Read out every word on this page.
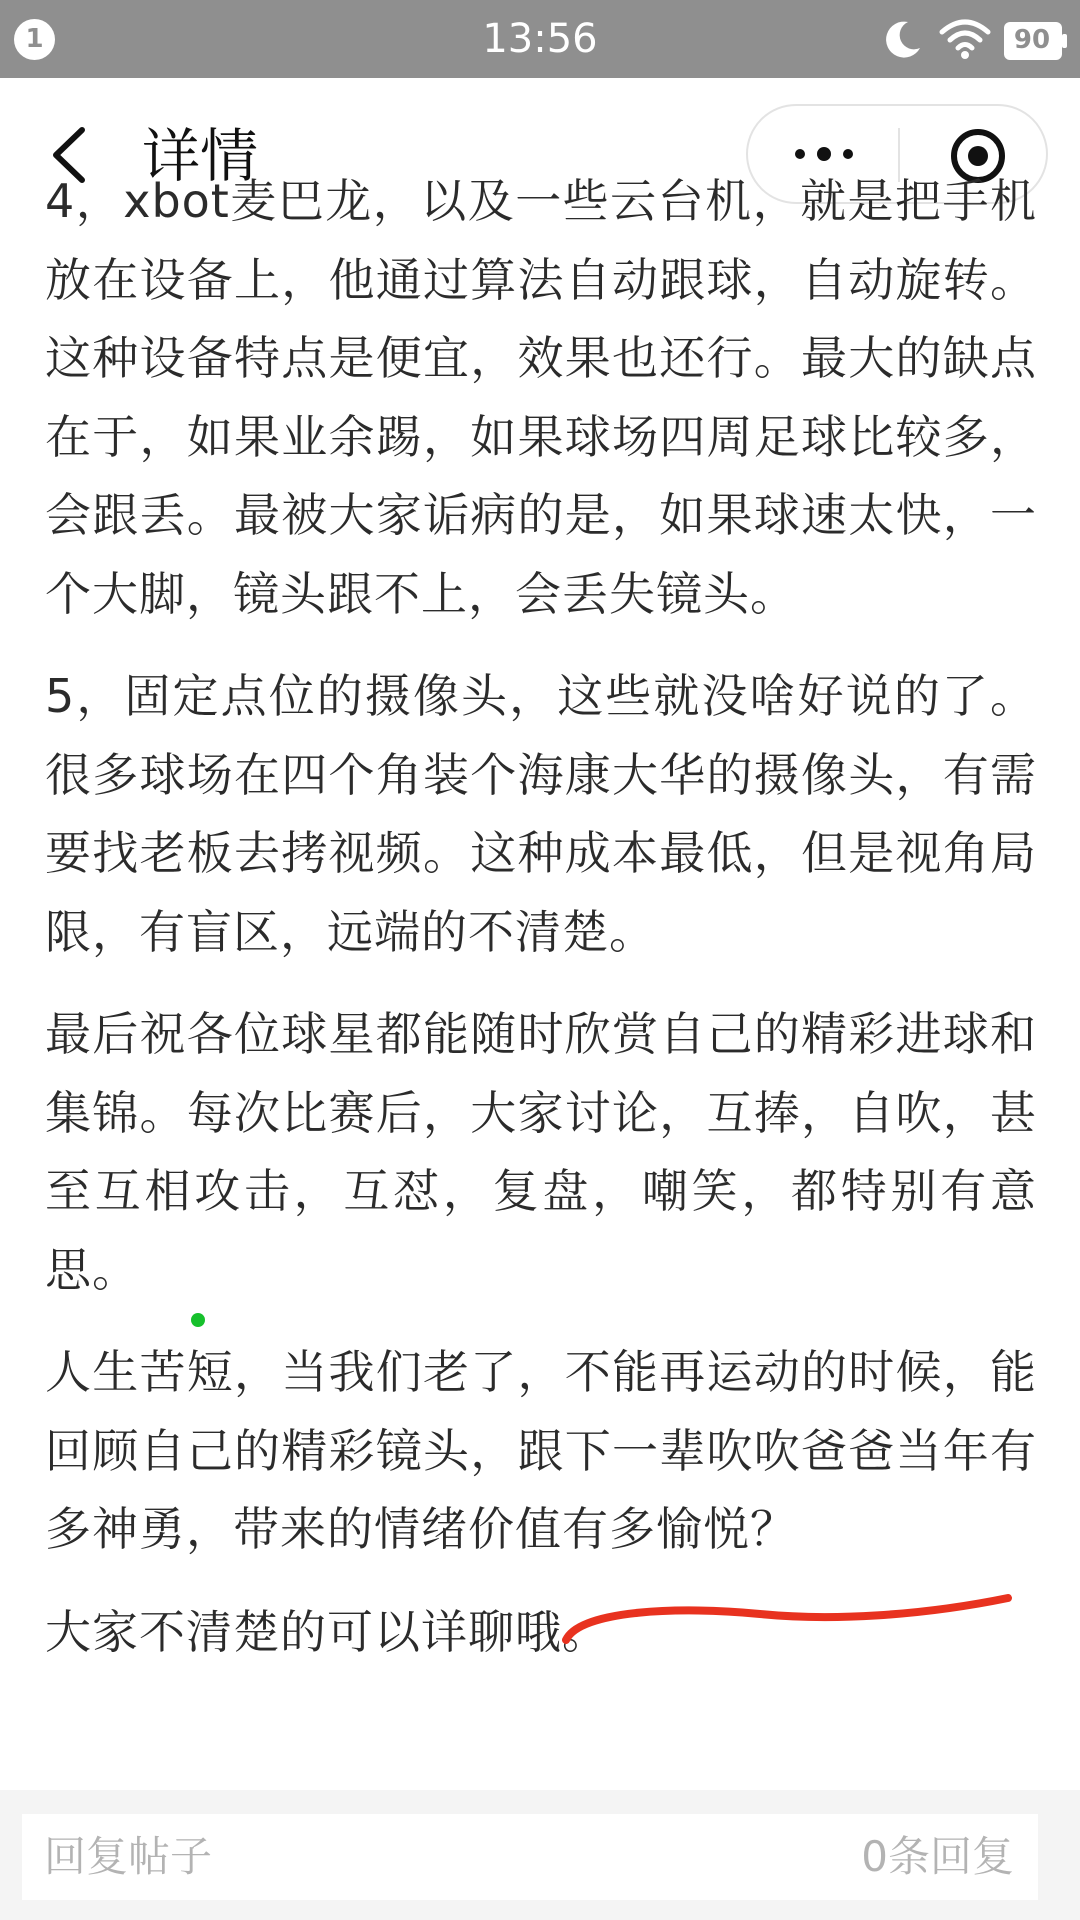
1	13:56	90
详情

4，xbot麦巴龙，以及一些云台机，就是把手机放在设备上，他通过算法自动跟球，自动旋转。这种设备特点是便宜，效果也还行。最大的缺点在于，如果业余踢，如果球场四周足球比较多，会跟丢。最被大家诟病的是，如果球速太快，一个大脚，镜头跟不上，会丢失镜头。

5，固定点位的摄像头，这些就没啥好说的了。很多球场在四个角装个海康大华的摄像头，有需要找老板去拷视频。这种成本最低，但是视角局限，有盲区，远端的不清楚。

最后祝各位球星都能随时欣赏自己的精彩进球和集锦。每次比赛后，大家讨论，互捧，自吹，甚至互相攻击，互怼，复盘，嘲笑，都特别有意思。

人生苦短，当我们老了，不能再运动的时候，能回顾自己的精彩镜头，跟下一辈吹吹爸爸当年有多神勇，带来的情绪价值有多愉悦？

大家不清楚的可以详聊哦。

回复帖子	0条回复
